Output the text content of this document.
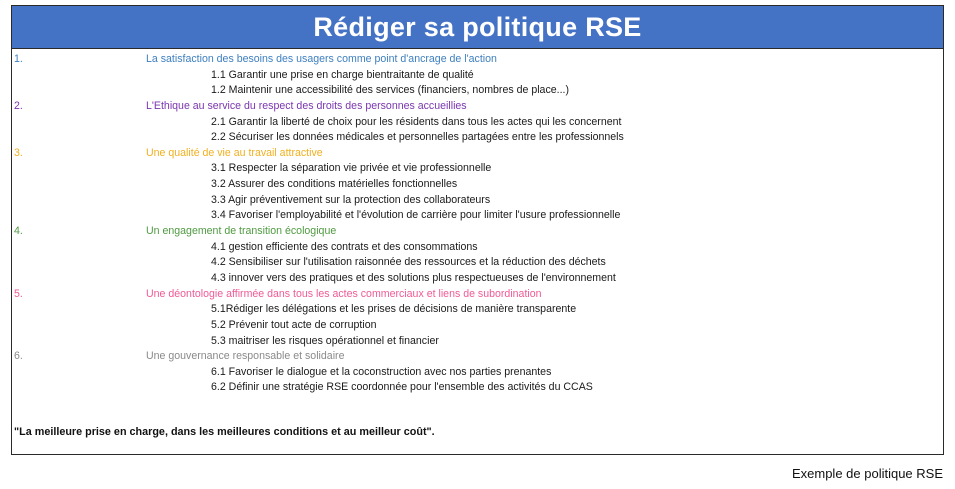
Rédiger sa politique RSE
1.	La satisfaction des besoins des usagers comme point d'ancrage de l'action
1.1 Garantir une prise en charge bientraitante de qualité
1.2 Maintenir une accessibilité des services (financiers, nombres de place...)
2.	L'Ethique au service du respect des droits des personnes accueillies
2.1 Garantir la liberté de choix pour les résidents dans tous les actes qui les concernent
2.2 Sécuriser les données médicales et personnelles partagées entre les professionnels
3.	Une qualité de vie au travail attractive
3.1 Respecter la séparation vie privée et vie professionnelle
3.2 Assurer des conditions matérielles fonctionnelles
3.3 Agir préventivement sur la protection des collaborateurs
3.4 Favoriser l'employabilité et l'évolution de carrière pour limiter l'usure professionnelle
4.	Un engagement de transition écologique
4.1 gestion efficiente des contrats et des consommations
4.2 Sensibiliser sur l'utilisation raisonnée des ressources et la réduction des déchets
4.3 innover vers des pratiques et des solutions plus respectueuses de l'environnement
5.	Une déontologie affirmée dans tous les actes commerciaux et liens de subordination
5.1Rédiger les délégations et les prises de décisions de manière transparente
5.2 Prévenir tout acte de corruption
5.3 maitriser les risques opérationnel et financier
6.	Une gouvernance responsable et solidaire
6.1 Favoriser le dialogue et la coconstruction avec nos parties prenantes
6.2 Définir une stratégie RSE coordonnée pour l'ensemble des activités du CCAS
"La meilleure prise en charge, dans les meilleures conditions et au meilleur coût".
Exemple de politique RSE
